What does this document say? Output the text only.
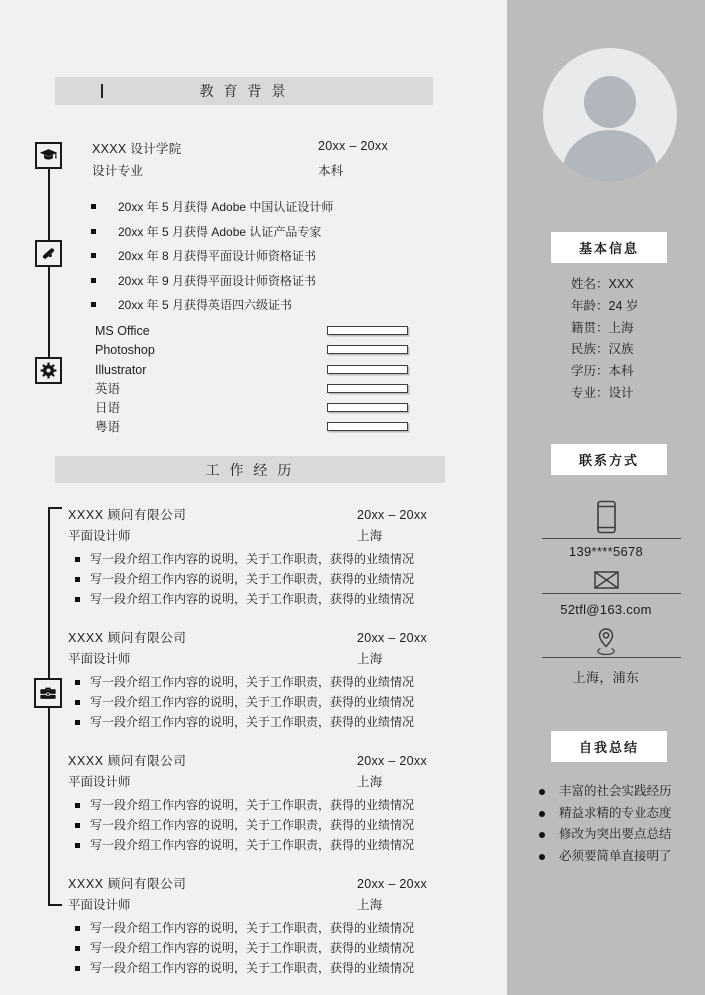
教 育 背 景
XXXX 设计学院	20xx – 20xx
设计专业	本科
20xx 年 5 月获得 Adobe 中国认证设计师
20xx 年 5 月获得 Adobe 认证产品专家
20xx 年 8 月获得平面设计师资格证书
20xx 年 9 月获得平面设计师资格证书
20xx 年 5 月获得英语四六级证书
MS Office
Photoshop
Illustrator
英语
日语
粤语
工 作 经 历
XXXX 顾问有限公司	20xx – 20xx
平面设计师	上海
写一段介绍工作内容的说明，关于工作职责，获得的业绩情况
写一段介绍工作内容的说明，关于工作职责，获得的业绩情况
写一段介绍工作内容的说明，关于工作职责，获得的业绩情况
XXXX 顾问有限公司	20xx – 20xx
平面设计师	上海
写一段介绍工作内容的说明，关于工作职责，获得的业绩情况
写一段介绍工作内容的说明，关于工作职责，获得的业绩情况
写一段介绍工作内容的说明，关于工作职责，获得的业绩情况
XXXX 顾问有限公司	20xx – 20xx
平面设计师	上海
写一段介绍工作内容的说明，关于工作职责，获得的业绩情况
写一段介绍工作内容的说明，关于工作职责，获得的业绩情况
写一段介绍工作内容的说明，关于工作职责，获得的业绩情况
XXXX 顾问有限公司	20xx – 20xx
平面设计师	上海
写一段介绍工作内容的说明，关于工作职责，获得的业绩情况
写一段介绍工作内容的说明，关于工作职责，获得的业绩情况
写一段介绍工作内容的说明，关于工作职责，获得的业绩情况
基本信息
姓名：XXX
年龄：24 岁
籍贯：上海
民族：汉族
学历：本科
专业：设计
联系方式
139****5678
52tfl@163.com
上海，浦东
自我总结
丰富的社会实践经历
精益求精的专业态度
修改为突出要点总结
必须要简单直接明了
